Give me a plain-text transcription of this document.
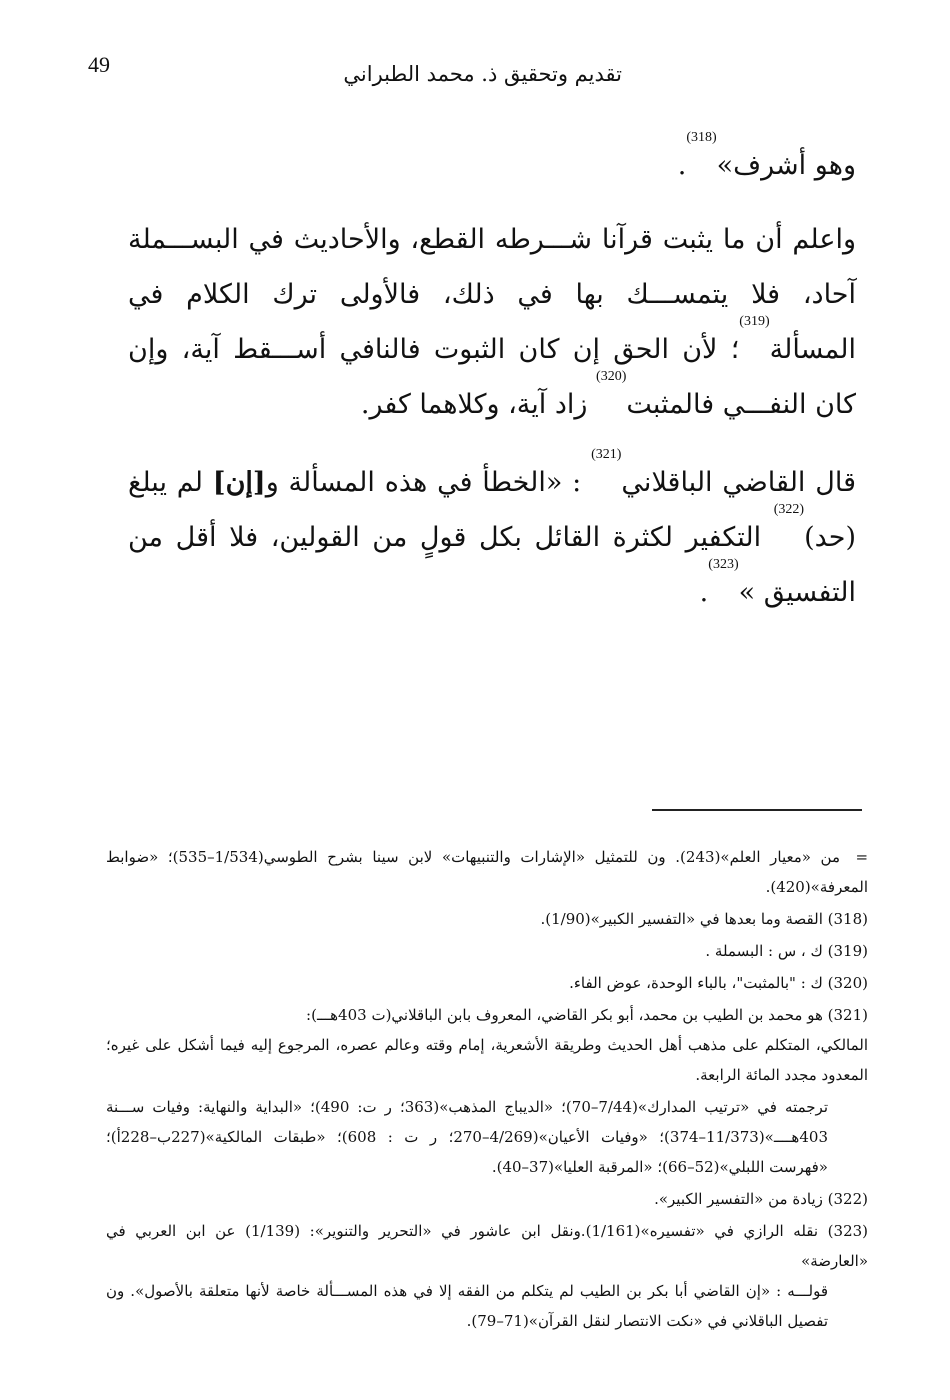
49	تقديم وتحقيق ذ. محمد الطبراني
وهو أشرف»$^{(318)}$.
واعلم أن ما يثبت قرآنا شـــرطه القطع، والأحاديث في البســـملة آحاد، فلا يتمســـك بها في ذلك، فالأولى ترك الكلام في المسألة$^{(319)}$؛ لأن الحق إن كان الثبوت فالنافي أســـقط آية، وإن كان النفـــي فالمثبت$^{(320)}$ زاد آية، وكلاهما كفر.
قال القاضي الباقلاني$^{(321)}$ : «الخطأ في هذه المسألة و[إن] لم يبلغ (حد)$^{(322)}$ التكفير لكثرة القائل بكل قولٍ من القولين، فلا أقل من التفسيق »$^{(323)}$.

=من «معيار العلم»(243). ون للتمثيل «الإشارات والتنبيهات» لابن سينا بشرح الطوسي(1/534–535)؛ «ضوابط المعرفة»(420).

(318) القصة وما بعدها في «التفسير الكبير»(1/90).

(319) ك ، س : البسملة .

(320) ك : "بالمثبت"، بالباء الوحدة، عوض الفاء.

(321) هو محمد بن الطيب بن محمد، أبو بكر القاضي، المعروف بابن الباقلاني(ت 403هـــ):

المالكي، المتكلم على مذهب أهل الحديث وطريقة الأشعرية، إمام وقته وعالم عصره، المرجوع إليه فيما أشكل على غيره؛ المعدود مجدد المائة الرابعة.

ترجمته في «ترتيب المدارك»(7/44–70)؛ «الديباج المذهب»(363؛ ر ت: 490)؛ «البداية والنهاية: وفيات ســـنة 403هــــ»(11/373–374)؛ «وفيات الأعيان»(4/269–270؛ ر ت : 608)؛ «طبقات المالكية»(227ب–228أ)؛ «فهرست اللبلي»(52–66)؛ «المرقبة العليا»(37–40).

(322) زيادة من «التفسير الكبير».

(323) نقله الرازي في «تفسيره»(1/161).ونقل ابن عاشور في «التحرير والتنوير»: (1/139) عن ابن العربي في «العارضة»

قولـــه : «إن القاضي أبا بكر بن الطيب لم يتكلم من الفقه إلا في هذه المســـألة خاصة لأنها متعلقة بالأصول». ون تفصيل الباقلاني في «نكت الانتصار لنقل القرآن»(71–79).
